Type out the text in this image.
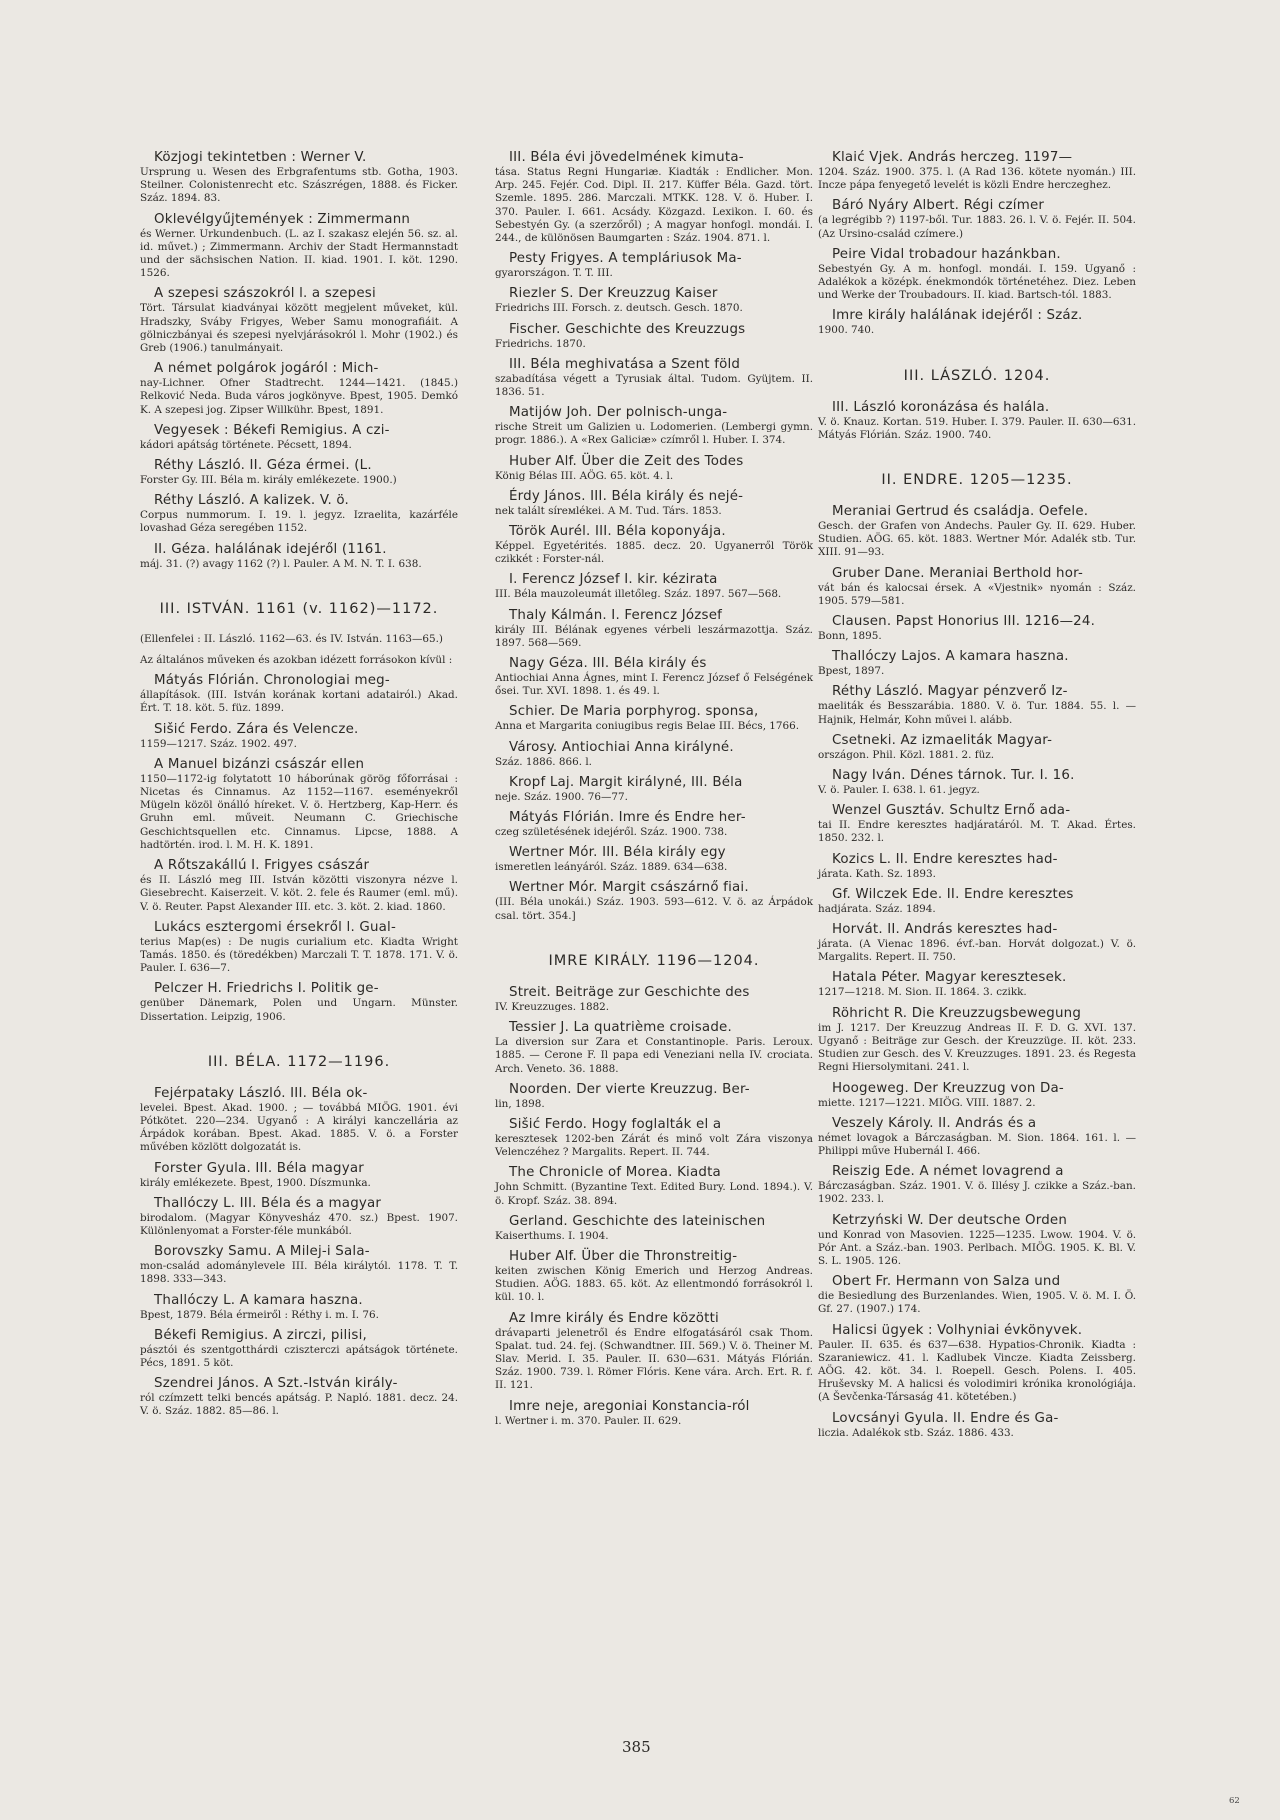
Közjogi tekintetben : Werner V.
Ursprung u. Wesen des Erbgrafentums stb. Gotha, 1903. Steilner. Colonistenrecht etc. Szászrégen, 1888. és Ficker. Száz. 1894. 83.
Oklevélgyűjtemények : Zimmermann
és Werner. Urkundenbuch. (L. az I. szakasz elején 56. sz. al. id. művet.) ; Zimmermann. Archiv der Stadt Hermannstadt und der sächsischen Nation. II. kiad. 1901. I. köt. 1290. 1526.
A szepesi szászokról l. a szepesi
Tört. Társulat kiadványai között megjelent műveket, kül. Hradszky, Sváby Frigyes, Weber Samu monografiáit. A gölniczbányai és szepesi nyelvjárásokról l. Mohr (1902.) és Greb (1906.) tanulmányait.
A német polgárok jogáról : Mich-
nay-Lichner. Ofner Stadtrecht. 1244—1421. (1845.) Relković Neda. Buda város jogkönyve. Bpest, 1905. Demkó K. A szepesi jog. Zipser Willkühr. Bpest, 1891.
Vegyesek : Békefi Remigius. A czi-
kádori apátság története. Pécsett, 1894.
Réthy László. II. Géza érmei. (L.
Forster Gy. III. Béla m. király emlékezete. 1900.)
Réthy László. A kalizek. V. ö.
Corpus nummorum. I. 19. l. jegyz. Izraelita, kazárféle lovashad Géza seregében 1152.
II. Géza. halálának idejéről (1161.
máj. 31. (?) avagy 1162 (?) l. Pauler. A M. N. T. I. 638.
III. ISTVÁN. 1161 (v. 1162)—1172.
(Ellenfelei : II. László. 1162—63. és IV. István. 1163—65.)
Az általános műveken és azokban idézett forrásokon kívül :
Mátyás Flórián. Chronologiai meg-
állapítások. (III. István korának kortani adatairól.) Akad. Ért. T. 18. köt. 5. füz. 1899.
Sišić Ferdo. Zára és Velencze.
1159—1217. Száz. 1902. 497.
A Manuel bizánzi császár ellen
1150—1172-ig folytatott 10 háborúnak görög főforrásai : Nicetas és Cinnamus. Az 1152—1167. eseményekről Mügeln közöl önálló híreket. V. ö. Hertzberg, Kap-Herr. és Gruhn eml. műveit. Neumann C. Griechische Geschichtsquellen etc. Cinnamus. Lipcse, 1888. A hadtörtén. irod. l. M. H. K. 1891.
A Rőtszakállú I. Frigyes császár
és II. László meg III. István közötti viszonyra nézve l. Giesebrecht. Kaiserzeit. V. köt. 2. fele és Raumer (eml. mű). V. ö. Reuter. Papst Alexander III. etc. 3. köt. 2. kiad. 1860.
Lukács esztergomi érsekről l. Gual-
terius Map(es) : De nugis curialium etc. Kiadta Wright Tamás. 1850. és (töredékben) Marczali T. T. 1878. 171. V. ö. Pauler. I. 636—7.
Pelczer H. Friedrichs I. Politik ge-
genüber Dänemark, Polen und Ungarn. Münster. Dissertation. Leipzig, 1906.
III. BÉLA. 1172—1196.
Fejérpataky László. III. Béla ok-
levelei. Bpest. Akad. 1900. ; — továbbá MIÖG. 1901. évi Pótkötet. 220—234. Ugyanő : A királyi kanczellária az Árpádok korában. Bpest. Akad. 1885. V. ö. a Forster művében közlött dolgozatát is.
Forster Gyula. III. Béla magyar
király emlékezete. Bpest, 1900. Díszmunka.
Thallóczy L. III. Béla és a magyar
birodalom. (Magyar Könyvesház 470. sz.) Bpest. 1907. Különlenyomat a Forster-féle munkából.
Borovszky Samu. A Milej-i Sala-
mon-család adománylevele III. Béla királytól. 1178. T. T. 1898. 333—343.
Thallóczy L. A kamara haszna.
Bpest, 1879. Béla érmeiről : Réthy i. m. I. 76.
Békefi Remigius. A zirczi, pilisi,
pásztói és szentgotthárdi cziszterczi apátságok története. Pécs, 1891. 5 köt.
Szendrei János. A Szt.-István király-
ról czímzett telki bencés apátság. P. Napló. 1881. decz. 24. V. ö. Száz. 1882. 85—86. l.
III. Béla évi jövedelmének kimuta-
tása. Status Regni Hungariæ. Kiadták : Endlicher. Mon. Arp. 245. Fejér. Cod. Dipl. II. 217. Küffer Béla. Gazd. tört. Szemle. 1895. 286. Marczali. MTKK. 128. V. ö. Huber. I. 370. Pauler. I. 661. Acsády. Közgazd. Lexikon. I. 60. és Sebestyén Gy. (a szerzőről) ; A magyar honfogl. mondái. I. 244., de különösen Baumgarten : Száz. 1904. 871. l.
Pesty Frigyes. A templáriusok Ma-
gyarországon. T. T. III.
Riezler S. Der Kreuzzug Kaiser
Friedrichs III. Forsch. z. deutsch. Gesch. 1870.
Fischer. Geschichte des Kreuzzugs
Friedrichs. 1870.
III. Béla meghivatása a Szent föld
szabadítása végett a Tyrusiak által. Tudom. Gyüjtem. II. 1836. 51.
Matijów Joh. Der polnisch-unga-
rische Streit um Galizien u. Lodomerien. (Lembergi gymn. progr. 1886.). A «Rex Galiciæ» czímről l. Huber. I. 374.
Huber Alf. Über die Zeit des Todes
König Bélas III. AÖG. 65. köt. 4. l.
Érdy János. III. Béla király és nejé-
nek talált sírемlékei. A M. Tud. Társ. 1853.
Török Aurél. III. Béla koponyája.
Képpel. Egyetérités. 1885. decz. 20. Ugyanerről Török czikkét : Forster-nál.
I. Ferencz József I. kir. kézirata
III. Béla mauzoleumát illetőleg. Száz. 1897. 567—568.
Thaly Kálmán. I. Ferencz József
király III. Bélának egyenes vérbeli leszármazottja. Száz. 1897. 568—569.
Nagy Géza. III. Béla király és
Antiochiai Anna Ágnes, mint I. Ferencz József ő Felségének ősei. Tur. XVI. 1898. 1. és 49. l.
Schier. De Maria porphyrog. sponsa,
Anna et Margarita coniugibus regis Belae III. Bécs, 1766.
Városy. Antiochiai Anna királyné.
Száz. 1886. 866. l.
Kropf Laj. Margit királyné, III. Béla
neje. Száz. 1900. 76—77.
Mátyás Flórián. Imre és Endre her-
czeg születésének idejéről. Száz. 1900. 738.
Wertner Mór. III. Béla király egy
ismeretlen leányáról. Száz. 1889. 634—638.
Wertner Mór. Margit császárnő fiai.
(III. Béla unokái.) Száz. 1903. 593—612. V. ö. az Árpádok csal. tört. 354.]
IMRE KIRÁLY. 1196—1204.
Streit. Beiträge zur Geschichte des
IV. Kreuzzuges. 1882.
Tessier J. La quatrième croisade.
La diversion sur Zara et Constantinople. Paris. Leroux. 1885. — Cerone F. Il papa edi Veneziani nella IV. crociata. Arch. Veneto. 36. 1888.
Noorden. Der vierte Kreuzzug. Ber-
lin, 1898.
Sišić Ferdo. Hogy foglalták el a
keresztesek 1202-ben Zárát és minő volt Zára viszonya Velenczéhez ? Margalits. Repert. II. 744.
The Chronicle of Morea. Kiadta
John Schmitt. (Byzantine Text. Edited Bury. Lond. 1894.). V. ö. Kropf. Száz. 38. 894.
Gerland. Geschichte des lateinischen
Kaiserthums. I. 1904.
Huber Alf. Über die Thronstreitig-
keiten zwischen König Emerich und Herzog Andreas. Studien. AÖG. 1883. 65. köt. Az ellentmondó forrásokról l. kül. 10. l.
Az Imre király és Endre közötti
drávaparti jelenetről és Endre elfogatásáról csak Thom. Spalat. tud. 24. fej. (Schwandtner. III. 569.) V. ö. Theiner M. Slav. Merid. I. 35. Pauler. II. 630—631. Mátyás Flórián. Száz. 1900. 739. l. Römer Flóris. Kene vára. Arch. Ert. R. f. II. 121.
Imre neje, aregoniai Konstancia-ról
l. Wertner i. m. 370. Pauler. II. 629.
Klaić Vjek. András herczeg. 1197—
1204. Száz. 1900. 375. l. (A Rad 136. kötete nyomán.) III. Incze pápa fenyegető levelét is közli Endre herczeghez.
Báró Nyáry Albert. Régi czímer
(a legrégibb ?) 1197-ből. Tur. 1883. 26. l. V. ö. Fejér. II. 504. (Az Ursino-család czímere.)
Peire Vidal trobadour hazánkban.
Sebestyén Gy. A m. honfogl. mondái. I. 159. Ugyanő : Adalékok a középk. énekmondók történetéhez. Diez. Leben und Werke der Troubadours. II. kiad. Bartsch-tól. 1883.
Imre király halálának idejéről : Száz.
1900. 740.
III. LÁSZLÓ. 1204.
III. László koronázása és halála.
V. ö. Knauz. Kortan. 519. Huber. I. 379. Pauler. II. 630—631. Mátyás Flórián. Száz. 1900. 740.
II. ENDRE. 1205—1235.
Meraniai Gertrud és családja. Oefele.
Gesch. der Grafen von Andechs. Pauler Gy. II. 629. Huber. Studien. AÖG. 65. köt. 1883. Wertner Mór. Adalék stb. Tur. XIII. 91—93.
Gruber Dane. Meraniai Berthold hor-
vát bán és kalocsai érsek. A «Vjestnik» nyomán : Száz. 1905. 579—581.
Clausen. Papst Honorius III. 1216—24.
Bonn, 1895.
Thallóczy Lajos. A kamara haszna.
Bpest, 1897.
Réthy László. Magyar pénzverő Iz-
maeliták és Besszarábia. 1880. V. ö. Tur. 1884. 55. l. — Hajnik, Helmár, Kohn művei l. alább.
Csetneki. Az izmaeliták Magyar-
országon. Phil. Közl. 1881. 2. füz.
Nagy Iván. Dénes tárnok. Tur. I. 16.
V. ö. Pauler. I. 638. l. 61. jegyz.
Wenzel Gusztáv. Schultz Ernő ada-
tai II. Endre keresztes hadjáratáról. M. T. Akad. Értes. 1850. 232. l.
Kozics L. II. Endre keresztes had-
járata. Kath. Sz. 1893.
Gf. Wilczek Ede. II. Endre keresztes
hadjárata. Száz. 1894.
Horvát. II. András keresztes had-
járata. (A Vienac 1896. évf.-ban. Horvát dolgozat.) V. ö. Margalits. Repert. II. 750.
Hatala Péter. Magyar keresztesek.
1217—1218. M. Sion. II. 1864. 3. czikk.
Röhricht R. Die Kreuzzugsbewegung
im J. 1217. Der Kreuzzug Andreas II. F. D. G. XVI. 137. Ugyanő : Beiträge zur Gesch. der Kreuzzüge. II. köt. 233. Studien zur Gesch. des V. Kreuzzuges. 1891. 23. és Regesta Regni Hiersolymitani. 241. l.
Hoogeweg. Der Kreuzzug von Da-
miette. 1217—1221. MIÖG. VIII. 1887. 2.
Veszely Károly. II. András és a
német lovagok a Bárczaságban. M. Sion. 1864. 161. l. — Philippi műve Hubernál I. 466.
Reiszig Ede. A német lovagrend a
Bárczaságban. Száz. 1901. V. ö. Illésy J. czikke a Száz.-ban. 1902. 233. l.
Ketrzyński W. Der deutsche Orden
und Konrad von Masovien. 1225—1235. Lwow. 1904. V. ö. Pór Ant. a Száz.-ban. 1903. Perlbach. MIÖG. 1905. K. Bl. V. S. L. 1905. 126.
Obert Fr. Hermann von Salza und
die Besiedlung des Burzenlandes. Wien, 1905. V. ö. M. I. Ö. Gf. 27. (1907.) 174.
Halicsi ügyek : Volhyniai évkönyvek.
Pauler. II. 635. és 637—638. Hypatios-Chronik. Kiadta : Szaraniewicz. 41. l. Kadlubek Vincze. Kiadta Zeissberg. AÖG. 42. köt. 34. l. Roepell. Gesch. Polens. I. 405. Hruševsky M. A halicsi és volodimiri krónika kronológiája. (A Ševčenka-Társaság 41. kötetében.)
Lovcsányi Gyula. II. Endre és Ga-
liczia. Adalékok stb. Száz. 1886. 433.
385
62
